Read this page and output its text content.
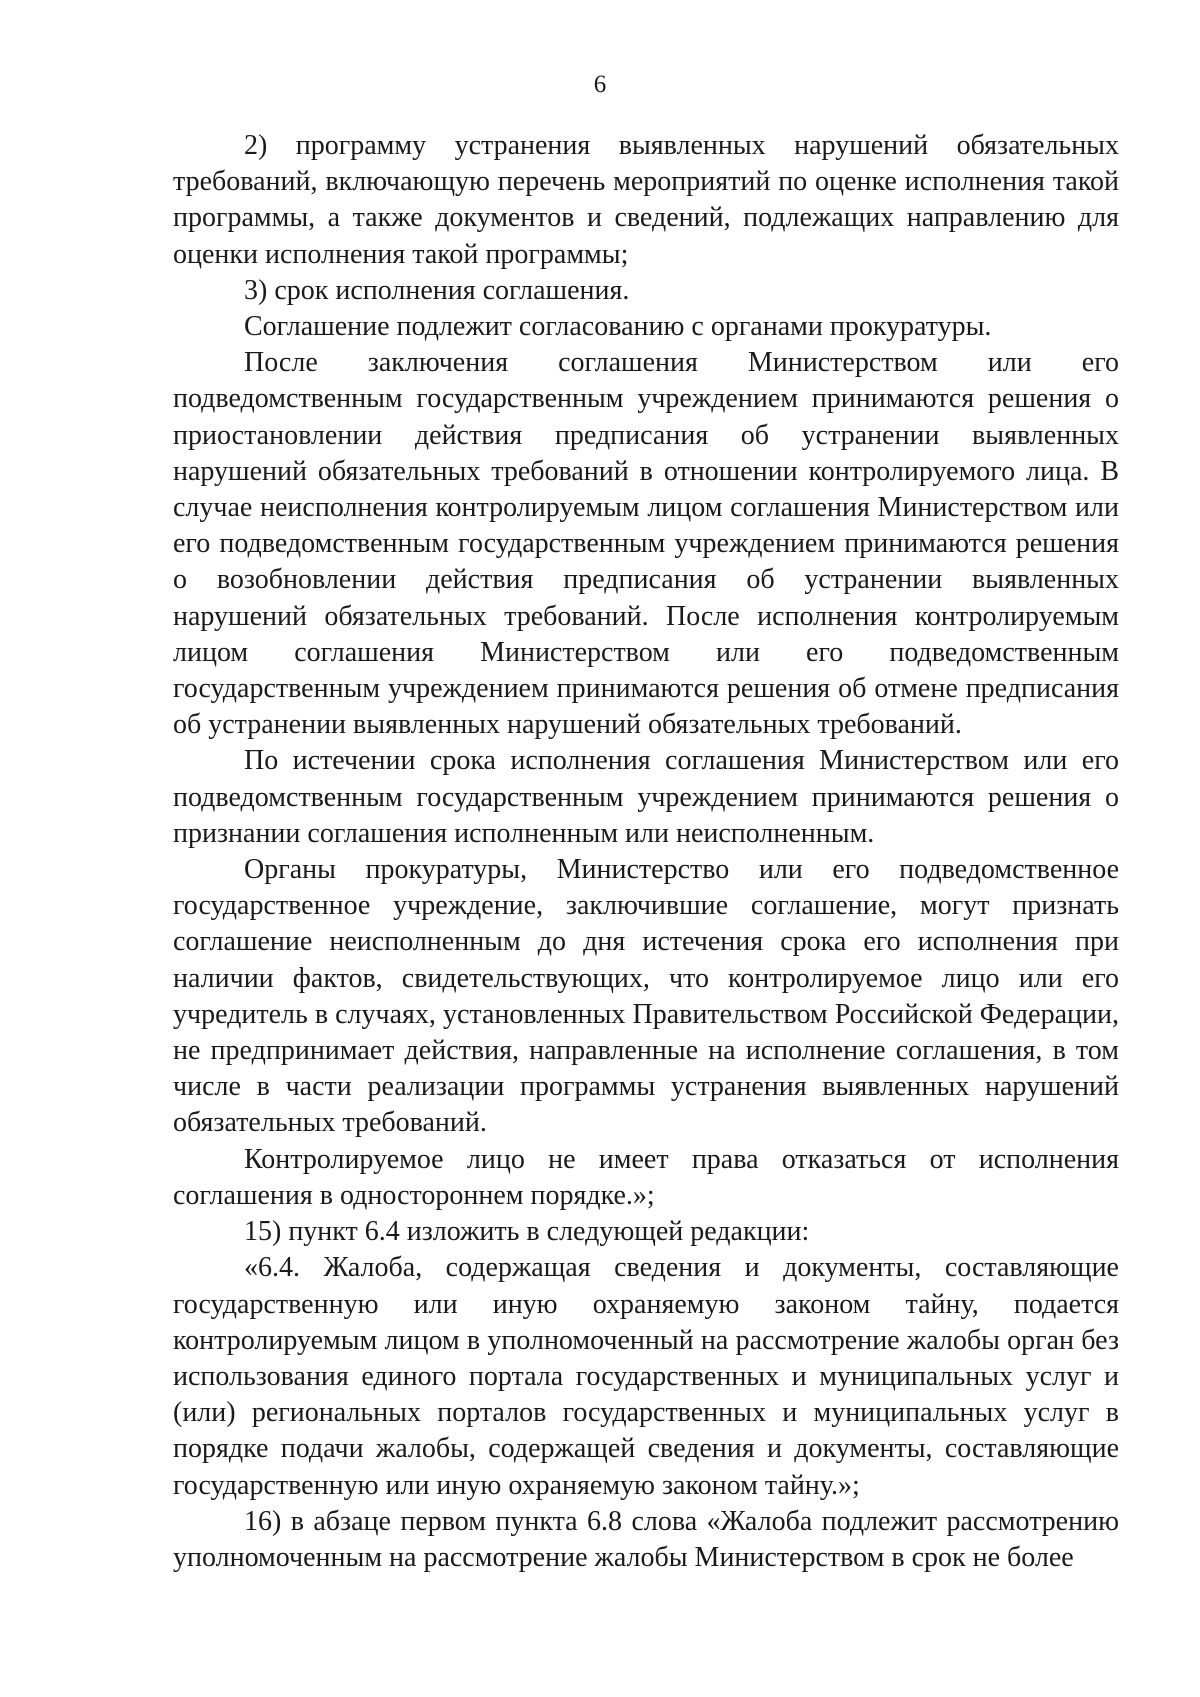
6

2) программу устранения выявленных нарушений обязательных требований, включающую перечень мероприятий по оценке исполнения такой программы, а также документов и сведений, подлежащих направлению для оценки исполнения такой программы;

3) срок исполнения соглашения.

Соглашение подлежит согласованию с органами прокуратуры.

После заключения соглашения Министерством или его подведомственным государственным учреждением принимаются решения о приостановлении действия предписания об устранении выявленных нарушений обязательных требований в отношении контролируемого лица. В случае неисполнения контролируемым лицом соглашения Министерством или его подведомственным государственным учреждением принимаются решения о возобновлении действия предписания об устранении выявленных нарушений обязательных требований. После исполнения контролируемым лицом соглашения Министерством или его подведомственным государственным учреждением принимаются решения об отмене предписания об устранении выявленных нарушений обязательных требований.

По истечении срока исполнения соглашения Министерством или его подведомственным государственным учреждением принимаются решения о признании соглашения исполненным или неисполненным.

Органы прокуратуры, Министерство или его подведомственное государственное учреждение, заключившие соглашение, могут признать соглашение неисполненным до дня истечения срока его исполнения при наличии фактов, свидетельствующих, что контролируемое лицо или его учредитель в случаях, установленных Правительством Российской Федерации, не предпринимает действия, направленные на исполнение соглашения, в том числе в части реализации программы устранения выявленных нарушений обязательных требований.

Контролируемое лицо не имеет права отказаться от исполнения соглашения в одностороннем порядке.»;

15) пункт 6.4 изложить в следующей редакции:

«6.4. Жалоба, содержащая сведения и документы, составляющие государственную или иную охраняемую законом тайну, подается контролируемым лицом в уполномоченный на рассмотрение жалобы орган без использования единого портала государственных и муниципальных услуг и (или) региональных порталов государственных и муниципальных услуг в порядке подачи жалобы, содержащей сведения и документы, составляющие государственную или иную охраняемую законом тайну.»;

16) в абзаце первом пункта 6.8 слова «Жалоба подлежит рассмотрению уполномоченным на рассмотрение жалобы Министерством в срок не более
